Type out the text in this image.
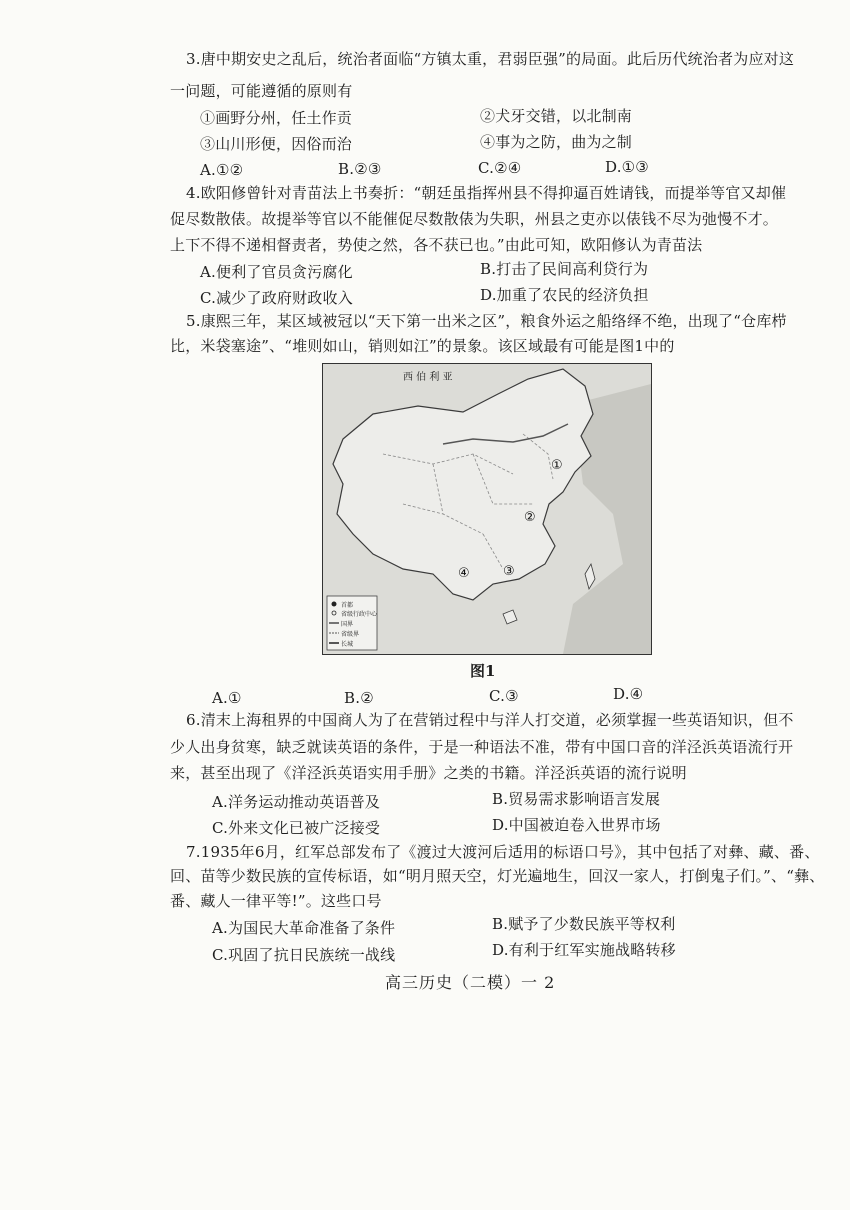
3.唐中期安史之乱后，统治者面临“方镇太重，君弱臣强”的局面。此后历代统治者为应对这
一问题，可能遵循的原则有
①画野分州，任土作贡	②犬牙交错，以北制南
③山川形便，因俗而治	④事为之防，曲为之制
A.①②	B.②③	C.②④	D.①③
4.欧阳修曾针对青苗法上书奏折：“朝廷虽指挥州县不得抑逼百姓请钱，而提举等官又却催
促尽数散俵。故提举等官以不能催促尽数散俵为失职，州县之吏亦以俵钱不尽为弛慢不才。
上下不得不递相督责者，势使之然，各不获已也。”由此可知，欧阳修认为青苗法
A.便利了官员贪污腐化	B.打击了民间高利贷行为
C.减少了政府财政收入	D.加重了农民的经济负担
5.康熙三年，某区域被冠以“天下第一出米之区”，粮食外运之船络绎不绝，出现了“仓库栉
比，米袋塞途”、“堆则如山，销则如江”的景象。该区域最有可能是图1中的
西 伯 利 亚
①
②
③
④
首都
省级行政中心
国界
省级界
长城
图1
A.①	B.②	C.③	D.④
6.清末上海租界的中国商人为了在营销过程中与洋人打交道，必须掌握一些英语知识，但不
少人出身贫寒，缺乏就读英语的条件，于是一种语法不准，带有中国口音的洋泾浜英语流行开
来，甚至出现了《洋泾浜英语实用手册》之类的书籍。洋泾浜英语的流行说明
A.洋务运动推动英语普及	B.贸易需求影响语言发展
C.外来文化已被广泛接受	D.中国被迫卷入世界市场
7.1935年6月，红军总部发布了《渡过大渡河后适用的标语口号》，其中包括了对彝、藏、番、
回、苗等少数民族的宣传标语，如“明月照天空，灯光遍地生，回汉一家人，打倒鬼子们。”、“彝、
番、藏人一律平等!”。这些口号
A.为国民大革命准备了条件	B.赋予了少数民族平等权利
C.巩固了抗日民族统一战线	D.有利于红军实施战略转移
高三历史（二模）一 2
